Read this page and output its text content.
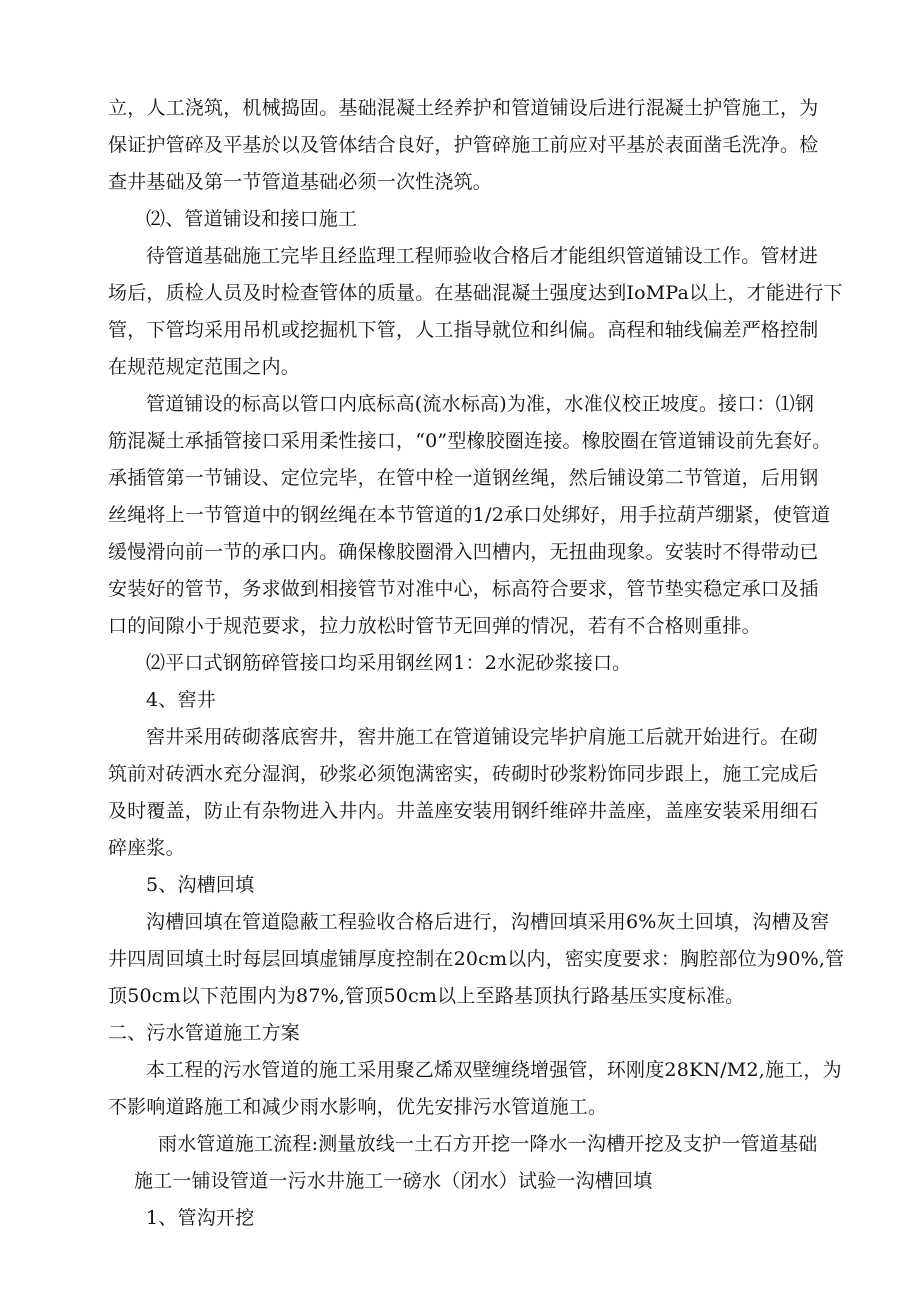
立，人工浇筑，机械捣固。基础混凝土经养护和管道铺设后进行混凝土护管施工，为
保证护管碎及平基於以及管体结合良好，护管碎施工前应对平基於表面凿毛洗净。检
查井基础及第一节管道基础必须一次性浇筑。
⑵、管道铺设和接口施工
待管道基础施工完毕且经监理工程师验收合格后才能组织管道铺设工作。管材进
场后，质检人员及时检查管体的质量。在基础混凝土强度达到IoMPa以上，才能进行下
管，下管均采用吊机或挖掘机下管，人工指导就位和纠偏。高程和轴线偏差严格控制
在规范规定范围之内。
管道铺设的标高以管口内底标高(流水标高)为准，水准仪校正坡度。接口：⑴钢
筋混凝土承插管接口采用柔性接口，“0”型橡胶圈连接。橡胶圈在管道铺设前先套好。
承插管第一节铺设、定位完毕，在管中栓一道钢丝绳，然后铺设第二节管道，后用钢
丝绳将上一节管道中的钢丝绳在本节管道的1/2承口处绑好，用手拉葫芦绷紧，使管道
缓慢滑向前一节的承口内。确保橡胶圈滑入凹槽内，无扭曲现象。安装时不得带动已
安装好的管节，务求做到相接管节对准中心，标高符合要求，管节垫实稳定承口及插
口的间隙小于规范要求，拉力放松时管节无回弹的情况，若有不合格则重排。
⑵平口式钢筋碎管接口均采用钢丝网1：2水泥砂浆接口。
4、窖井
窖井采用砖砌落底窖井，窖井施工在管道铺设完毕护肩施工后就开始进行。在砌
筑前对砖洒水充分湿润，砂浆必须饱满密实，砖砌时砂浆粉饰同步跟上，施工完成后
及时覆盖，防止有杂物进入井内。井盖座安装用钢纤维碎井盖座，盖座安装采用细石
碎座浆。
5、沟槽回填
沟槽回填在管道隐蔽工程验收合格后进行，沟槽回填采用6%灰土回填，沟槽及窖
井四周回填土时每层回填虚铺厚度控制在20cm以内，密实度要求：胸腔部位为90%,管
顶50cm以下范围内为87%,管顶50cm以上至路基顶执行路基压实度标准。
二、污水管道施工方案
本工程的污水管道的施工采用聚乙烯双壁缠绕增强管，环刚度28KN/M2,施工，为
不影响道路施工和减少雨水影响，优先安排污水管道施工。
雨水管道施工流程:测量放线一土石方开挖一降水一沟槽开挖及支护一管道基础
施工一铺设管道一污水井施工一磅水（闭水）试验一沟槽回填
1、管沟开挖
